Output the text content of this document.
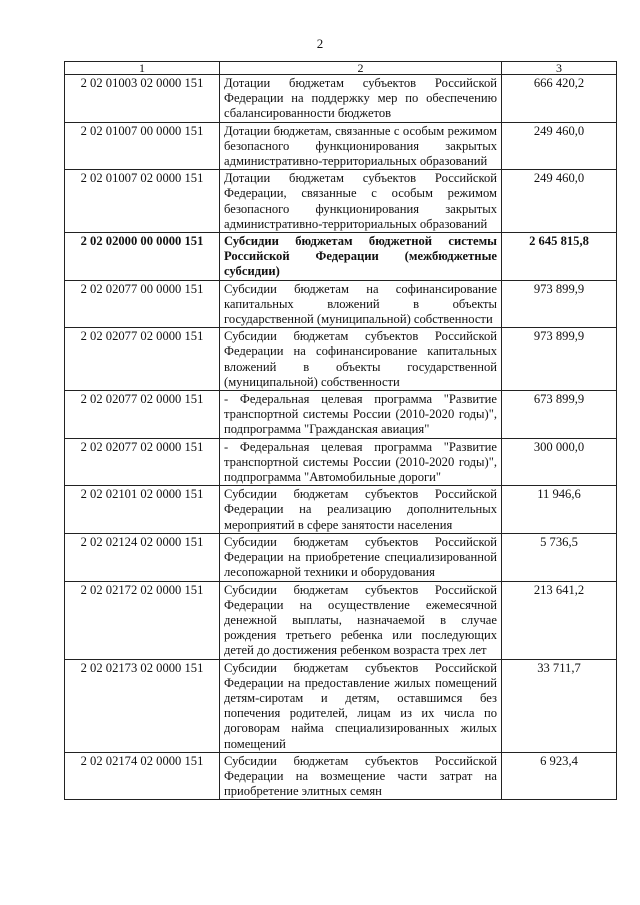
2
1	2	3
2 02 01003 02 0000 151	Дотации бюджетам субъектов Российской Федерации на поддержку мер по обеспечению сбалансированности бюджетов	666 420,2
2 02 01007 00 0000 151	Дотации бюджетам, связанные с особым режимом безопасного функционирования закрытых административно-территориальных образований	249 460,0
2 02 01007 02 0000 151	Дотации бюджетам субъектов Российской Федерации, связанные с особым режимом безопасного функционирования закрытых административно-территориальных образований	249 460,0
2 02 02000 00 0000 151	Субсидии бюджетам бюджетной системы Российской Федерации (межбюджетные субсидии)	2 645 815,8
2 02 02077 00 0000 151	Субсидии бюджетам на софинансирование капитальных вложений в объекты государственной (муниципальной) собственности	973 899,9
2 02 02077 02 0000 151	Субсидии бюджетам субъектов Российской Федерации на софинансирование капитальных вложений в объекты государственной (муниципальной) собственности	973 899,9
2 02 02077 02 0000 151	- Федеральная целевая программа "Развитие транспортной системы России (2010-2020 годы)", подпрограмма "Гражданская авиация"	673 899,9
2 02 02077 02 0000 151	- Федеральная целевая программа "Развитие транспортной системы России (2010-2020 годы)", подпрограмма "Автомобильные дороги"	300 000,0
2 02 02101 02 0000 151	Субсидии бюджетам субъектов Российской Федерации на реализацию дополнительных мероприятий в сфере занятости населения	11 946,6
2 02 02124 02 0000 151	Субсидии бюджетам субъектов Российской Федерации на приобретение специализированной лесопожарной техники и оборудования	5 736,5
2 02 02172 02 0000 151	Субсидии бюджетам субъектов Российской Федерации на осуществление ежемесячной денежной выплаты, назначаемой в случае рождения третьего ребенка или последующих детей до достижения ребенком возраста трех лет	213 641,2
2 02 02173 02 0000 151	Субсидии бюджетам субъектов Российской Федерации на предоставление жилых помещений детям-сиротам и детям, оставшимся без попечения родителей, лицам из их числа по договорам найма специализированных жилых помещений	33 711,7
2 02 02174 02 0000 151	Субсидии бюджетам субъектов Российской Федерации на возмещение части затрат на приобретение элитных семян	6 923,4
